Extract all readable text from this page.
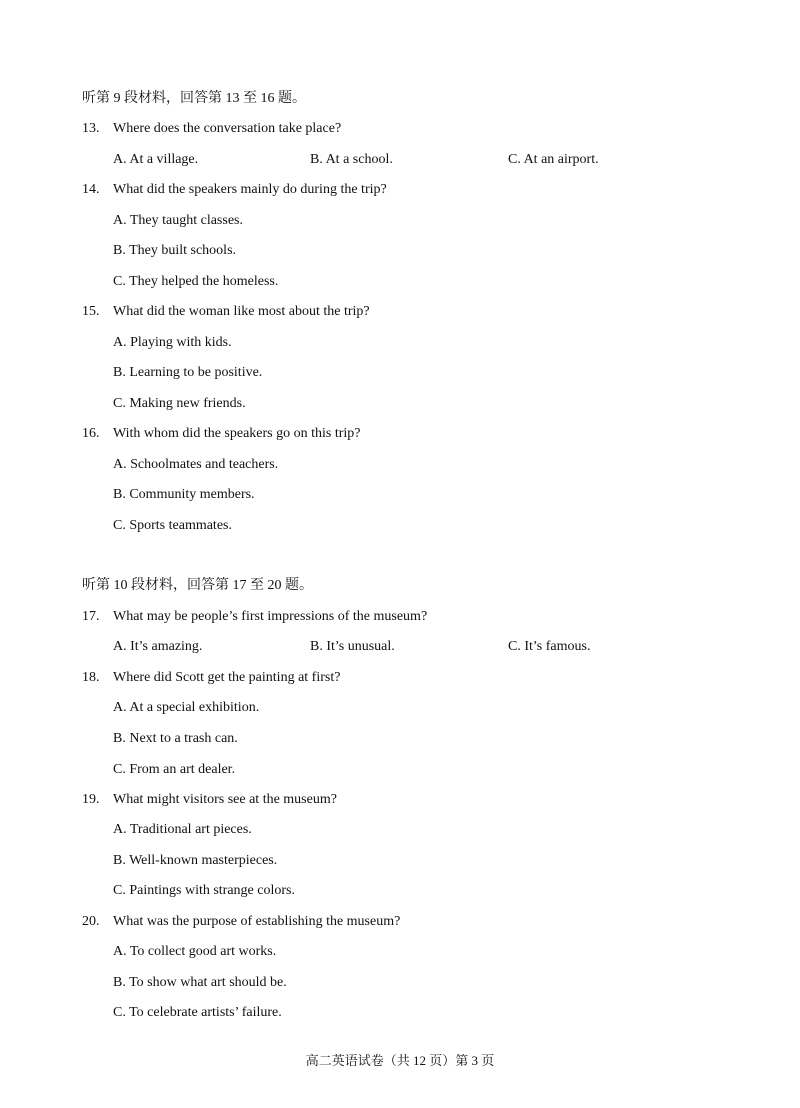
听第 9 段材料，回答第 13 至 16 题。
13. Where does the conversation take place?
A. At a village.	B. At a school.	C. At an airport.
14. What did the speakers mainly do during the trip?
A. They taught classes.
B. They built schools.
C. They helped the homeless.
15. What did the woman like most about the trip?
A. Playing with kids.
B. Learning to be positive.
C. Making new friends.
16. With whom did the speakers go on this trip?
A. Schoolmates and teachers.
B. Community members.
C. Sports teammates.
听第 10 段材料，回答第 17 至 20 题。
17. What may be people’s first impressions of the museum?
A. It’s amazing.	B. It’s unusual.	C. It’s famous.
18. Where did Scott get the painting at first?
A. At a special exhibition.
B. Next to a trash can.
C. From an art dealer.
19. What might visitors see at the museum?
A. Traditional art pieces.
B. Well-known masterpieces.
C. Paintings with strange colors.
20. What was the purpose of establishing the museum?
A. To collect good art works.
B. To show what art should be.
C. To celebrate artists’ failure.
高二英语试卷（共 12 页）第 3 页
